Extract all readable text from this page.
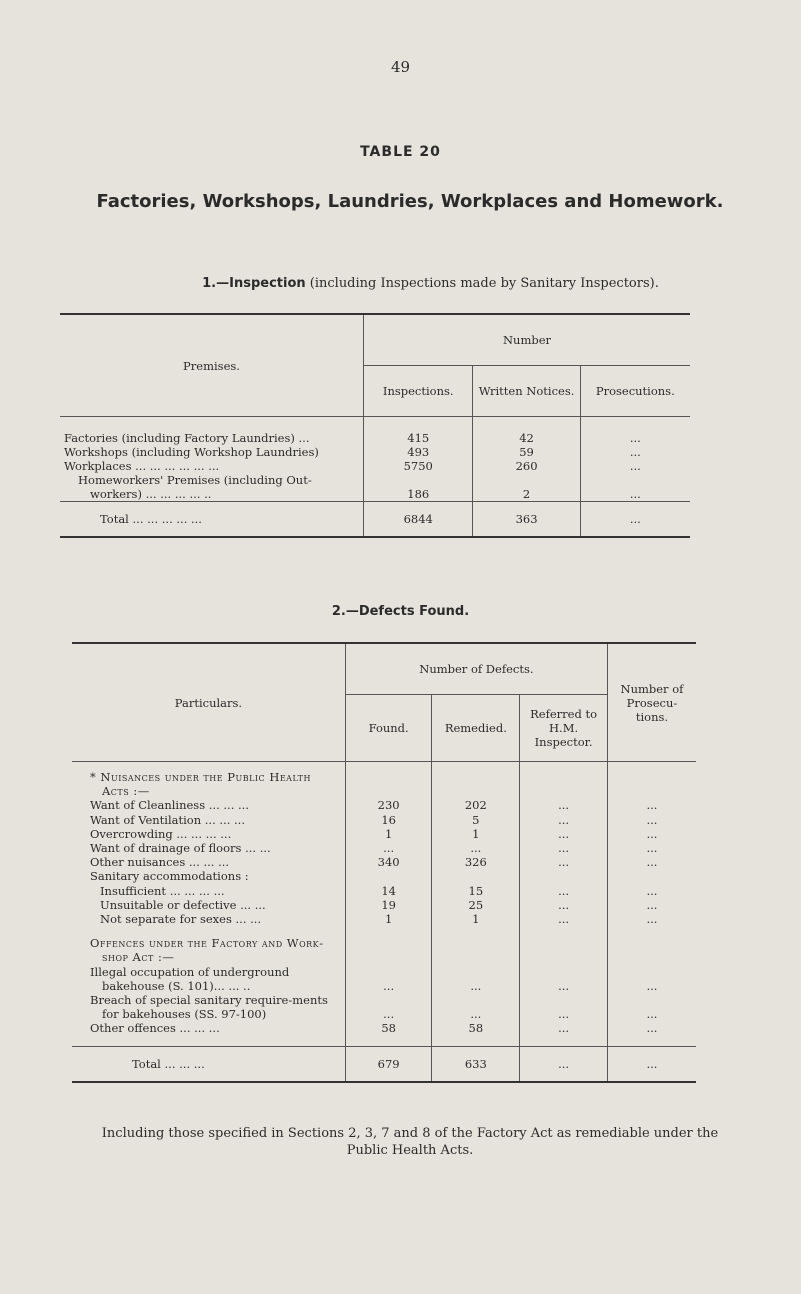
49
TABLE 20
Factories, Workshops, Laundries, Workplaces and Homework.
1.—Inspection (including Inspections made by Sanitary Inspectors).
Premises.	Number		
	Inspections.	Written Notices.	Prosecutions.

Factories (including Factory Laundries) ...	415	42	...
Workshops (including Workshop Laundries)	493	59	...
Workplaces ... ... ... ... ... ...	5750	260	...
Homeworkers' Premises (including Out-workers) ... ... ... ... ..	186	2	...
Total ... ... ... ... ...	6844	363	...
2.—Defects Found.
Particulars.	Number of Defects.			Number of Prosecu-tions.
	Found.	Remedied.	Referred to H.M. Inspector.	

* Nuisances under the Public Health Acts :—				
Want of Cleanliness ... ... ...	230	202	...	...
Want of Ventilation ... ... ...	16	5	...	...
Overcrowding ... ... ... ...	1	1	...	...
Want of drainage of floors ... ...	...	...	...	...
Other nuisances ... ... ...	340	326	...	...
Sanitary accommodations :				
Insufficient ... ... ... ...	14	15	...	...
Unsuitable or defective ... ...	19	25	...	...
Not separate for sexes ... ...	1	1	...	...

Offences under the Factory and Work-shop Act :—				
Illegal occupation of underground bakehouse (S. 101)... ... ..	...	...	...	...
Breach of special sanitary require-ments for bakehouses (SS. 97-100)	...	...	...	...
Other offences ... ... ...	58	58	...	...

Total ... ... ...	679	633	...	...
Including those specified in Sections 2, 3, 7 and 8 of the Factory Act as remediable under the Public Health Acts.
